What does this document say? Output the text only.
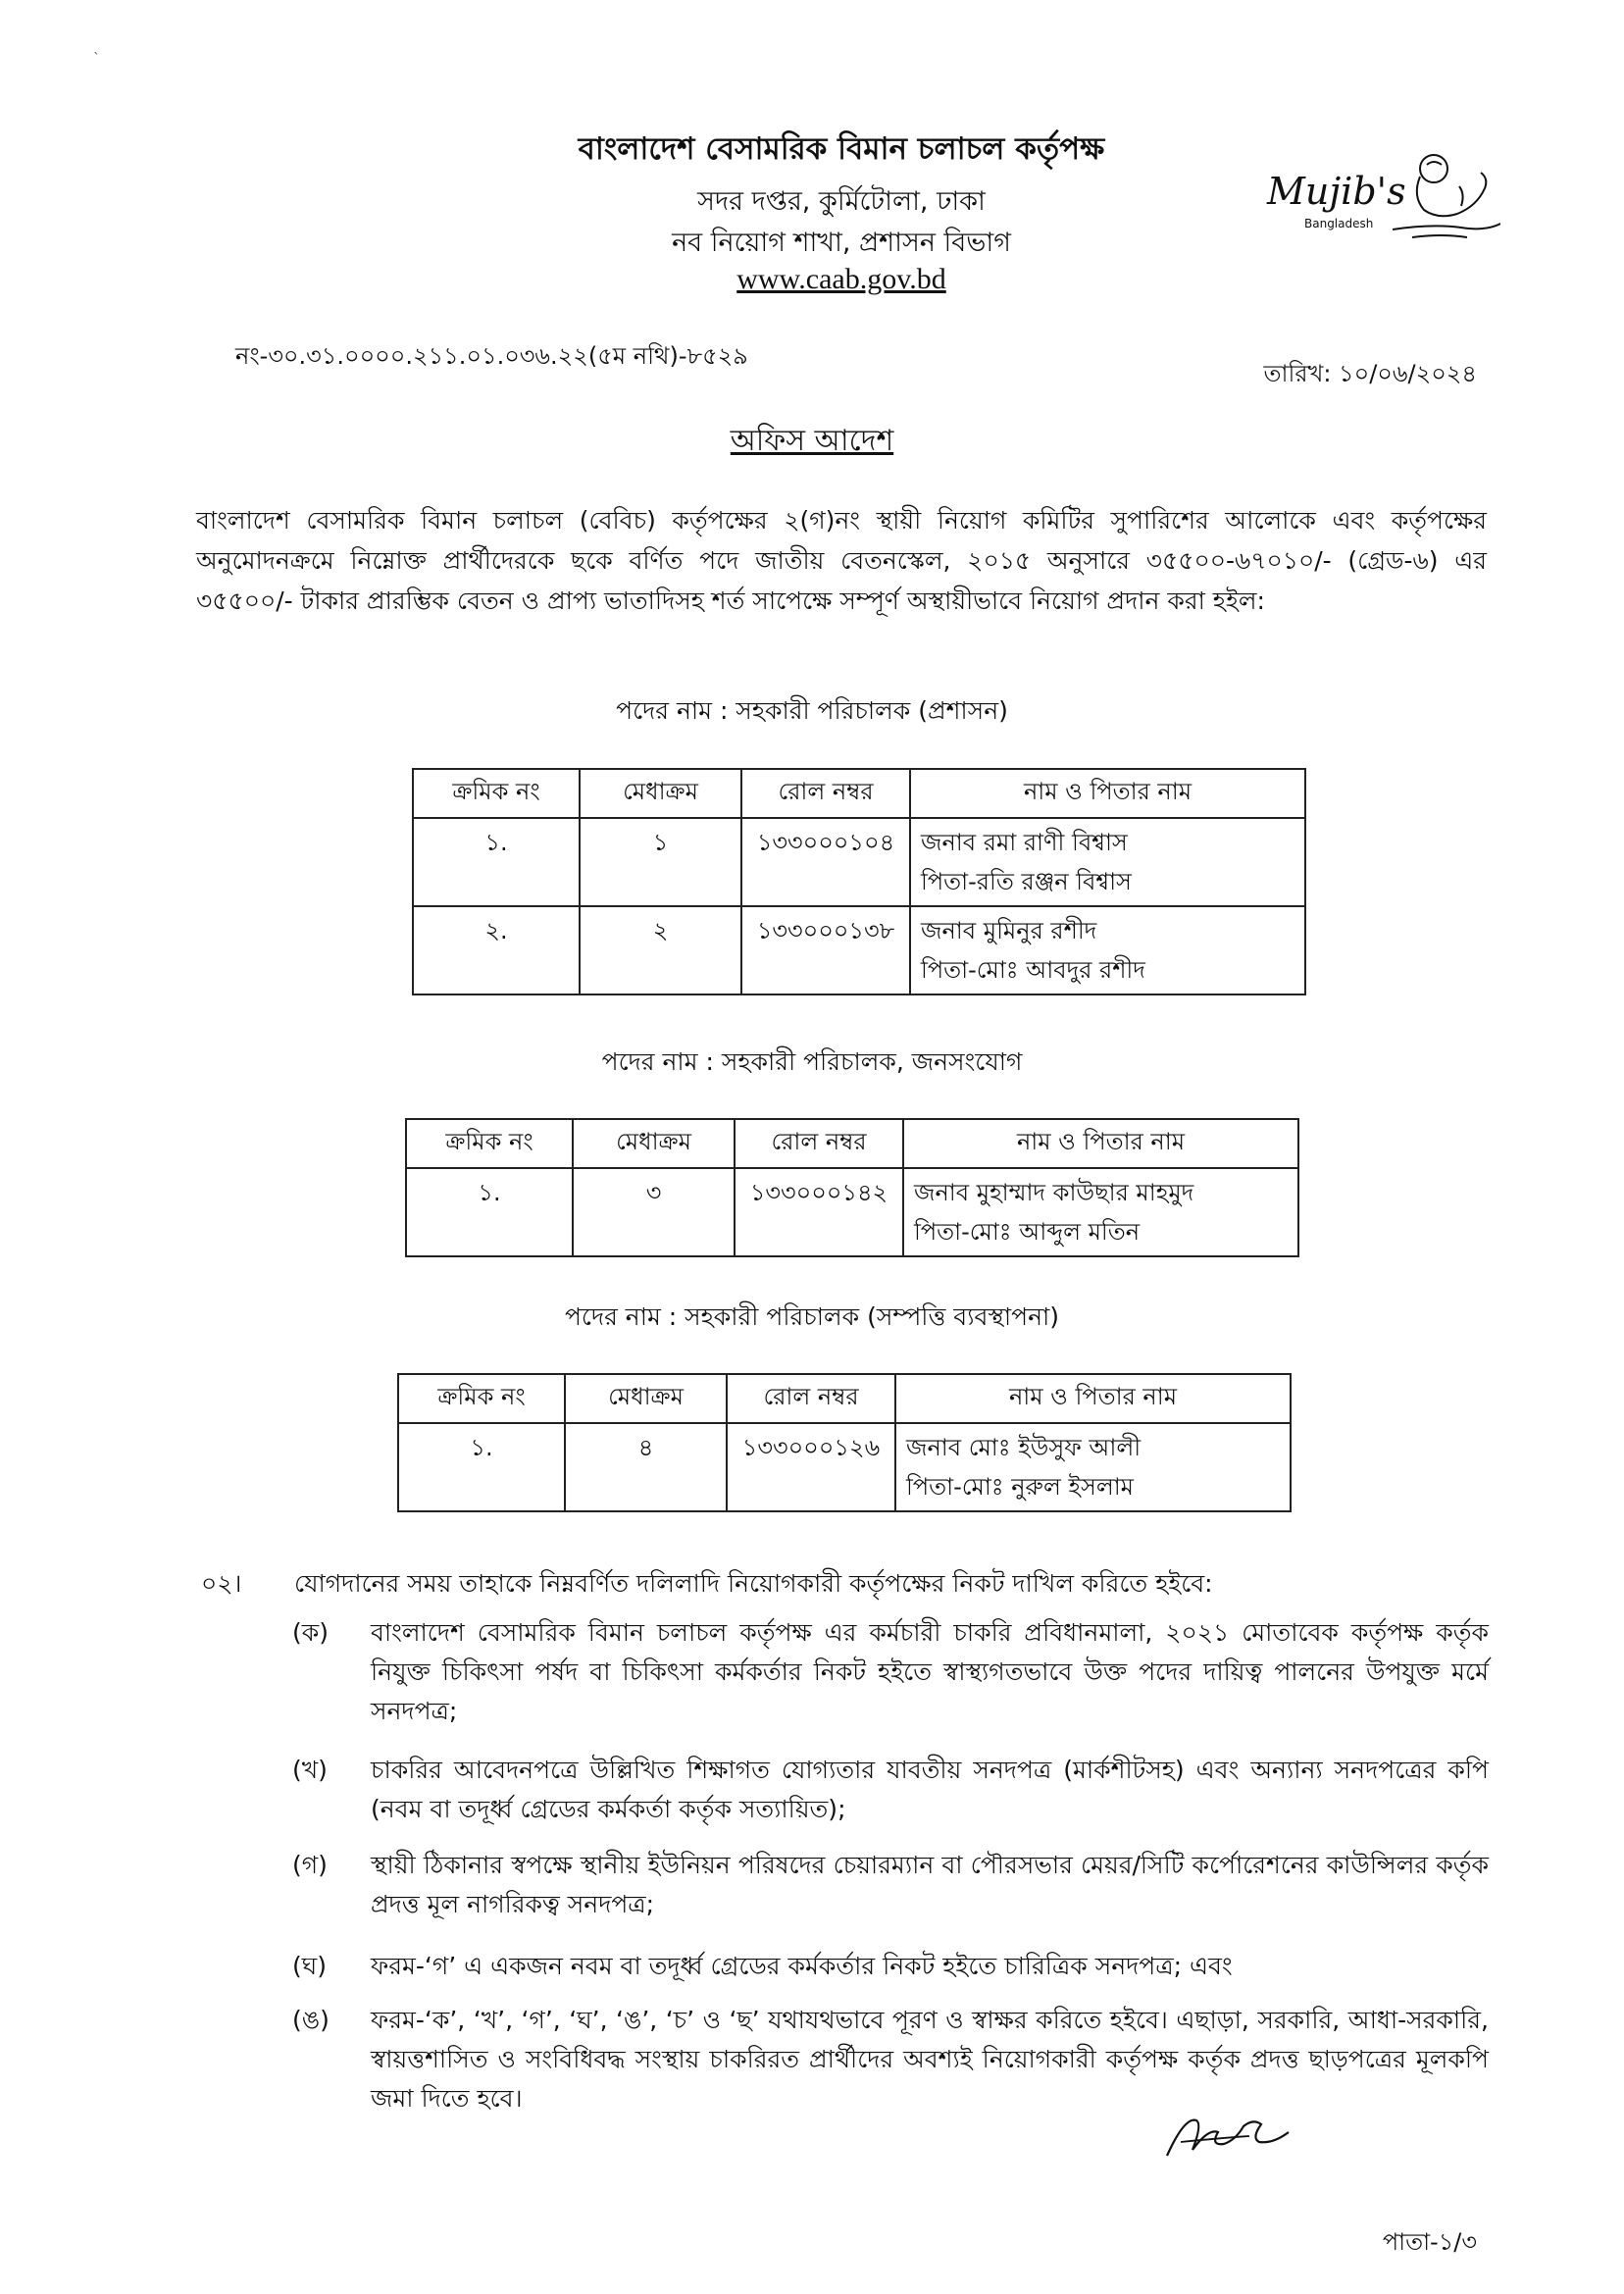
ˎ
বাংলাদেশ বেসামরিক বিমান চলাচল কর্তৃপক্ষ
সদর দপ্তর, কুর্মিটোলা, ঢাকা
নব নিয়োগ শাখা, প্রশাসন বিভাগ
www.caab.gov.bd
Mujib's
Bangladesh
নং-৩০.৩১.০০০০.২১১.০১.০৩৬.২২(৫ম নথি)-৮৫২৯
তারিখ: ১০/০৬/২০২৪
অফিস আদেশ
বাংলাদেশ বেসামরিক বিমান চলাচল (বেবিচ) কর্তৃপক্ষের ২(গ)নং স্থায়ী নিয়োগ কমিটির সুপারিশের আলোকে এবং কর্তৃপক্ষের অনুমোদনক্রমে নিম্নোক্ত প্রার্থীদেরকে ছকে বর্ণিত পদে জাতীয় বেতনস্কেল, ২০১৫ অনুসারে ৩৫৫০০-৬৭০১০/- (গ্রেড-৬) এর ৩৫৫০০/- টাকার প্রারম্ভিক বেতন ও প্রাপ্য ভাতাদিসহ শর্ত সাপেক্ষে সম্পূর্ণ অস্থায়ীভাবে নিয়োগ প্রদান করা হইল:
পদের নাম : সহকারী পরিচালক (প্রশাসন)
ক্রমিক নং	মেধাক্রম	রোল নম্বর	নাম ও পিতার নাম
১.	১	১৩৩০০০১০৪	জনাব রমা রাণী বিশ্বাস
পিতা-রতি রঞ্জন বিশ্বাস

২.	২	১৩৩০০০১৩৮	জনাব মুমিনুর রশীদ
পিতা-মোঃ আবদুর রশীদ
পদের নাম : সহকারী পরিচালক, জনসংযোগ
ক্রমিক নং	মেধাক্রম	রোল নম্বর	নাম ও পিতার নাম
১.	৩	১৩৩০০০১৪২	জনাব মুহাম্মাদ কাউছার মাহমুদ
পিতা-মোঃ আব্দুল মতিন
পদের নাম : সহকারী পরিচালক (সম্পত্তি ব্যবস্থাপনা)
ক্রমিক নং	মেধাক্রম	রোল নম্বর	নাম ও পিতার নাম
১.	৪	১৩৩০০০১২৬	জনাব মোঃ ইউসুফ আলী
পিতা-মোঃ নুরুল ইসলাম
০২। যোগদানের সময় তাহাকে নিম্নবর্ণিত দলিলাদি নিয়োগকারী কর্তৃপক্ষের নিকট দাখিল করিতে হইবে:
(ক) বাংলাদেশ বেসামরিক বিমান চলাচল কর্তৃপক্ষ এর কর্মচারী চাকরি প্রবিধানমালা, ২০২১ মোতাবেক কর্তৃপক্ষ কর্তৃক নিযুক্ত চিকিৎসা পর্ষদ বা চিকিৎসা কর্মকর্তার নিকট হইতে স্বাস্থ্যগতভাবে উক্ত পদের দায়িত্ব পালনের উপযুক্ত মর্মে সনদপত্র;
(খ) চাকরির আবেদনপত্রে উল্লিখিত শিক্ষাগত যোগ্যতার যাবতীয় সনদপত্র (মার্কশীটসহ) এবং অন্যান্য সনদপত্রের কপি (নবম বা তদূর্ধ্ব গ্রেডের কর্মকর্তা কর্তৃক সত্যায়িত);
(গ) স্থায়ী ঠিকানার স্বপক্ষে স্থানীয় ইউনিয়ন পরিষদের চেয়ারম্যান বা পৌরসভার মেয়র/সিটি কর্পোরেশনের কাউন্সিলর কর্তৃক প্রদত্ত মূল নাগরিকত্ব সনদপত্র;
(ঘ) ফরম-‘গ’ এ একজন নবম বা তদূর্ধ্ব গ্রেডের কর্মকর্তার নিকট হইতে চারিত্রিক সনদপত্র; এবং
(ঙ) ফরম-‘ক’, ‘খ’, ‘গ’, ‘ঘ’, ‘ঙ’, ‘চ’ ও ‘ছ’ যথাযথভাবে পূরণ ও স্বাক্ষর করিতে হইবে। এছাড়া, সরকারি, আধা-সরকারি, স্বায়ত্তশাসিত ও সংবিধিবদ্ধ সংস্থায় চাকরিরত প্রার্থীদের অবশ্যই নিয়োগকারী কর্তৃপক্ষ কর্তৃক প্রদত্ত ছাড়পত্রের মূলকপি জমা দিতে হবে।
পাতা-১/৩
